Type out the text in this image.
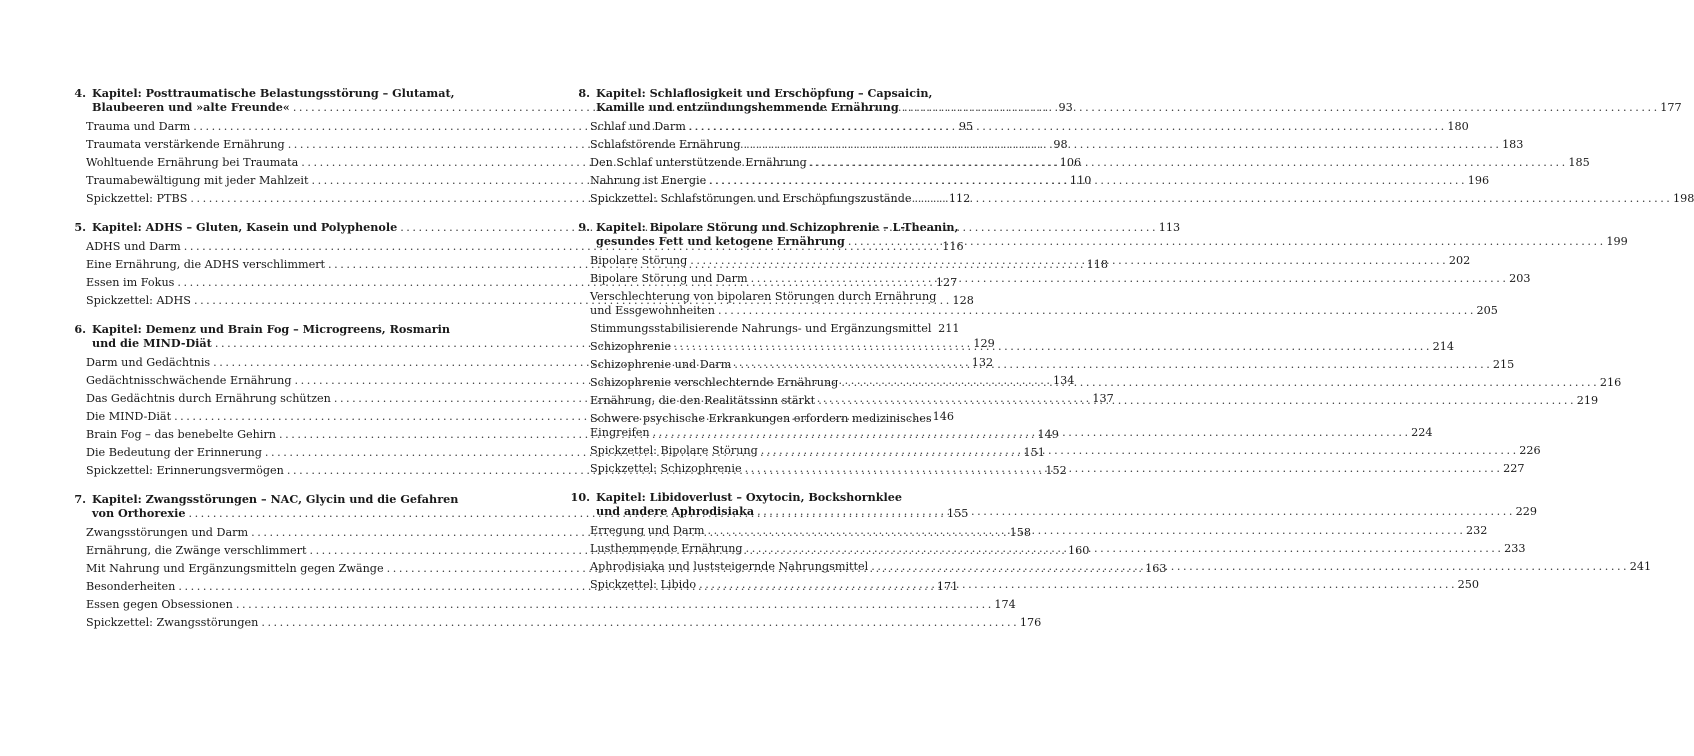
4. Kapitel: Posttraumatische Belastungsstörung – Glutamat,
Blaubeeren und »alte Freunde« . . .	93
Trauma und Darm . . .	95
Traumata verstärkende Ernährung . . .	98
Wohltuende Ernährung bei Traumata . . .	106
Traumabewältigung mit jeder Mahlzeit . . .	110
Spickzettel: PTBS . . .	112
5. Kapitel: ADHS – Gluten, Kasein und Polyphenole . . .	113
ADHS und Darm . . .	116
Eine Ernährung, die ADHS verschlimmert . . .	118
Essen im Fokus . . .	127
Spickzettel: ADHS . . .	128
6. Kapitel: Demenz und Brain Fog – Microgreens, Rosmarin
und die MIND-Diät . . .	129
Darm und Gedächtnis . . .	132
Gedächtnisschwächende Ernährung . . .	134
Das Gedächtnis durch Ernährung schützen . . .	137
Die MIND-Diät . . .	146
Brain Fog – das benebelte Gehirn . . .	149
Die Bedeutung der Erinnerung . . .	151
Spickzettel: Erinnerungsvermögen . . .	152
7. Kapitel: Zwangsstörungen – NAC, Glycin und die Gefahren
von Orthorexie . . .	155
Zwangsstörungen und Darm . . .	158
Ernährung, die Zwänge verschlimmert . . .	160
Mit Nahrung und Ergänzungsmitteln gegen Zwänge . . .	163
Besonderheiten . . .	171
Essen gegen Obsessionen . . .	174
Spickzettel: Zwangsstörungen . . .	176
8. Kapitel: Schlaflosigkeit und Erschöpfung – Capsaicin,
Kamille und entzündungshemmende Ernährung . . .	177
Schlaf und Darm . . .	180
Schlafstörende Ernährung . . .	183
Den Schlaf unterstützende Ernährung . . .	185
Nahrung ist Energie . . .	196
Spickzettel: Schlafstörungen und Erschöpfungszustände . . .	198
9. Kapitel: Bipolare Störung und Schizophrenie – L-Theanin,
gesundes Fett und ketogene Ernährung . . .	199
Bipolare Störung . . .	202
Bipolare Störung und Darm . . .	203
Verschlechterung von bipolaren Störungen durch Ernährung
und Essgewohnheiten . . .	205
Stimmungsstabilisierende Nahrungs- und Ergänzungsmittel 211
Schizophrenie . . .	214
Schizophrenie und Darm . . .	215
Schizophrenie verschlechternde Ernährung . . .	216
Ernährung, die den Realitätssinn stärkt . . .	219
Schwere psychische Erkrankungen erfordern medizinisches
Eingreifen . . .	224
Spickzettel: Bipolare Störung . . .	226
Spickzettel: Schizophrenie . . .	227
10. Kapitel: Libidoverlust – Oxytocin, Bockshornklee
und andere Aphrodisiaka . . .	229
Erregung und Darm . . .	232
Lusthemmende Ernährung . . .	233
Aphrodisiaka und luststeigernde Nahrungsmittel . . .	241
Spickzettel: Libido . . .	250
